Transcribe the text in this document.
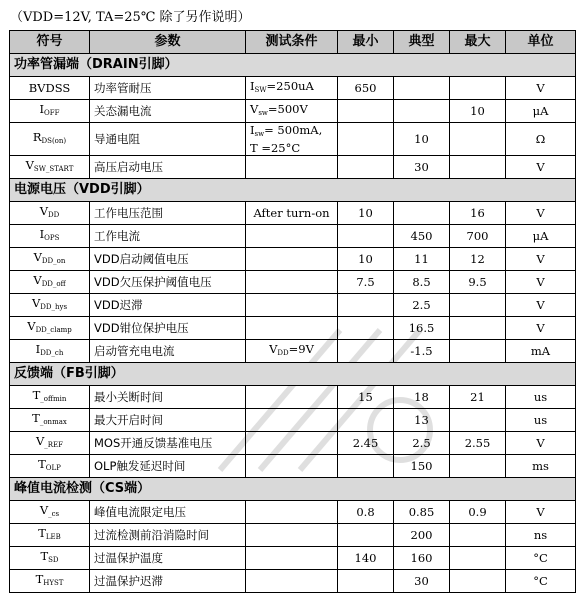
（VDD=12V, TA=25℃ 除了另作说明）
符号	参数	测试条件	最小	典型	最大	单位
功率管漏端（DRAIN引脚）						
BVDSS	功率管耐压	$I_{SW}=250uA$	650			V
$I_{OFF}$	关态漏电流	$V_{sw}=500V$			10	μA
$R_{DS(on)}$	导通电阻	$I_{sw}= 500mA$,
T =25°C		10		Ω
$V_{SW\_START}$	高压启动电压			30		V
电源电压（VDD引脚）						
$V_{DD}$	工作电压范围	After turn-on	10		16	V
$I_{OPS}$	工作电流			450	700	μA
$V_{DD\_on}$	VDD启动阈值电压		10	11	12	V
$V_{DD\_off}$	VDD欠压保护阈值电压		7.5	8.5	9.5	V
$V_{DD\_hys}$	VDD迟滞			2.5		V
$V_{DD\_clamp}$	VDD钳位保护电压			16.5		V
$I_{DD\_ch}$	启动管充电电流	$V_{DD}=9V$		-1.5		mA
反馈端（FB引脚）						
$T_{\_offmin}$	最小关断时间		15	18	21	us
$T_{\_onmax}$	最大开启时间			13		us
$V_{\_REF}$	MOS开通反馈基准电压		2.45	2.5	2.55	V
$T_{OLP}$	OLP触发延迟时间			150		ms
峰值电流检测（CS端）						
$V_{\_cs}$	峰值电流限定电压		0.8	0.85	0.9	V
$T_{LEB}$	过流检测前沿消隐时间			200		ns
$T_{SD}$	过温保护温度		140	160		°C
$T_{HYST}$	过温保护迟滞			30		°C
